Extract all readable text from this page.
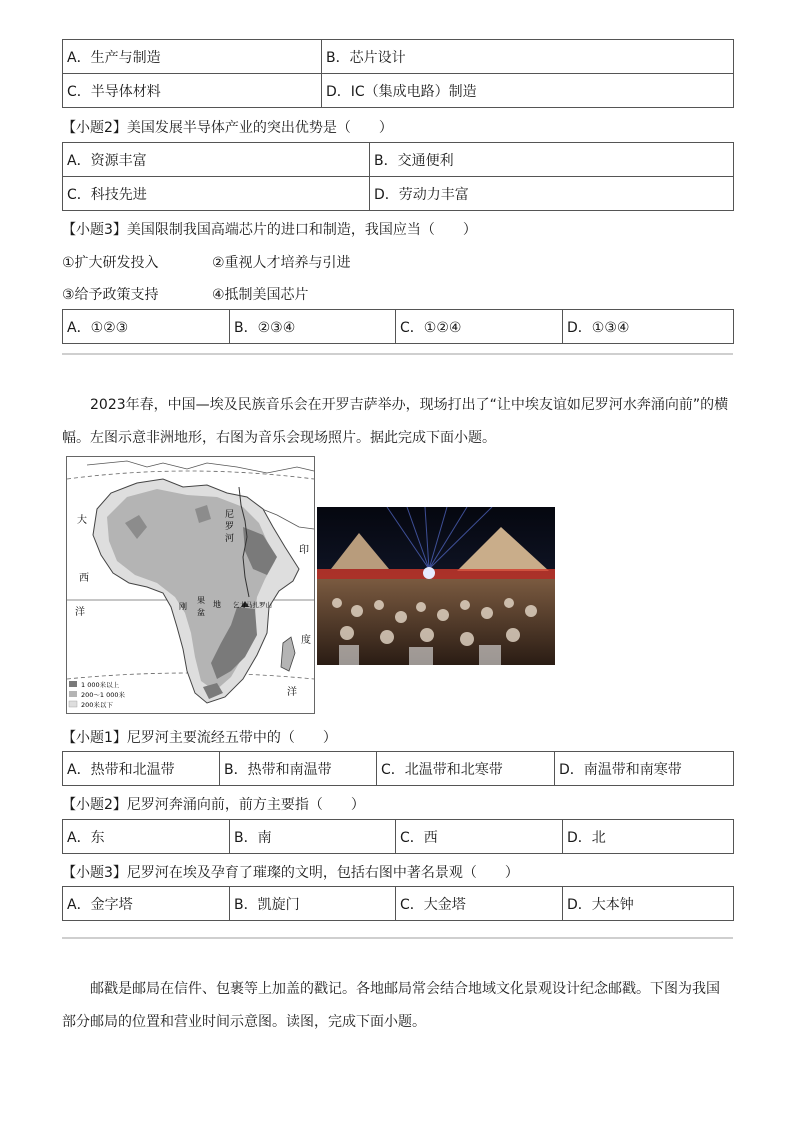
A．生产与制造	B．芯片设计
C．半导体材料	D．IC（集成电路）制造
【小题2】美国发展半导体产业的突出优势是（　　）
A．资源丰富	B．交通便利
C．科技先进	D．劳动力丰富
【小题3】美国限制我国高端芯片的进口和制造，我国应当（　　）
①扩大研发投入	②重视人才培养与引进
③给予政策支持	④抵制美国芯片
A．①②③	B．②③④	C．①②④	D．①③④

2023年春，中国—埃及民族音乐会在开罗吉萨举办，现场打出了“让中埃友谊如尼罗河水奔涌向前”的横幅。左图示意非洲地形，右图为音乐会现场照片。据此完成下面小题。

大
西
洋
尼
罗
河
印
度
洋
刚
果
盆
地 乞力马扎罗山
1 000米以上
200～1 000米
200米以下
【小题1】尼罗河主要流经五带中的（　　）
A．热带和北温带	B．热带和南温带	C．北温带和北寒带	D．南温带和南寒带
【小题2】尼罗河奔涌向前，前方主要指（　　）
A．东	B．南	C．西	D．北
【小题3】尼罗河在埃及孕育了璀璨的文明，包括右图中著名景观（　　）
A．金字塔	B．凯旋门	C．大金塔	D．大本钟

邮戳是邮局在信件、包裹等上加盖的戳记。各地邮局常会结合地域文化景观设计纪念邮戳。下图为我国部分邮局的位置和营业时间示意图。读图，完成下面小题。
